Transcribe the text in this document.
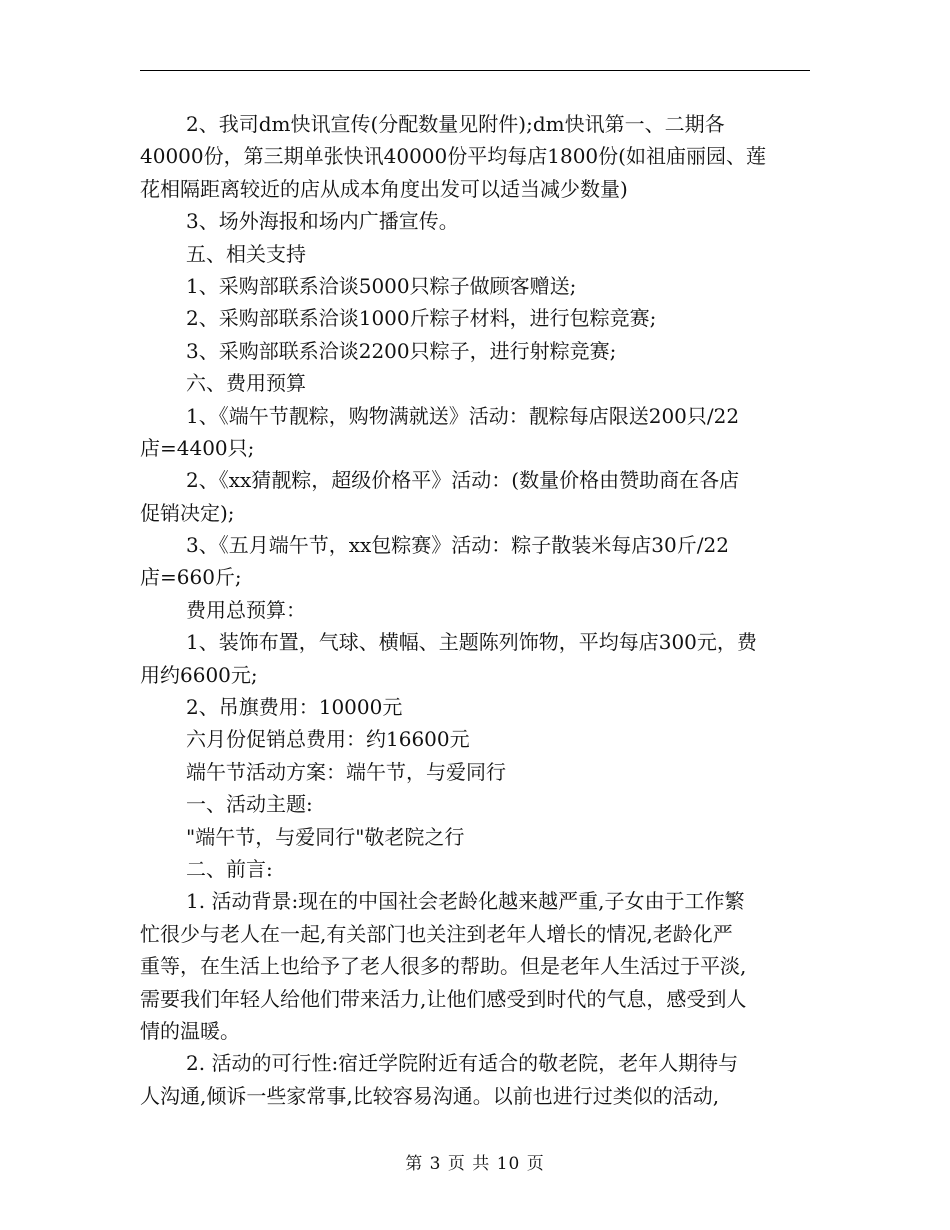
2、我司dm快讯宣传(分配数量见附件);dm快讯第一、二期各
40000份，第三期单张快讯40000份平均每店1800份(如祖庙丽园、莲
花相隔距离较近的店从成本角度出发可以适当减少数量)
3、场外海报和场内广播宣传。
五、相关支持
1、采购部联系洽谈5000只粽子做顾客赠送;
2、采购部联系洽谈1000斤粽子材料，进行包粽竞赛;
3、采购部联系洽谈2200只粽子，进行射粽竞赛;
六、费用预算
1、《端午节靓粽，购物满就送》活动：靓粽每店限送200只/22
店=4400只;
2、《xx猜靓粽，超级价格平》活动：(数量价格由赞助商在各店
促销决定);
3、《五月端午节，xx包粽赛》活动：粽子散装米每店30斤/22
店=660斤;
费用总预算：
1、装饰布置，气球、横幅、主题陈列饰物，平均每店300元，费
用约6600元;
2、吊旗费用：10000元
六月份促销总费用：约16600元
端午节活动方案：端午节，与爱同行
一、活动主题:
"端午节，与爱同行"敬老院之行
二、前言:
1. 活动背景:现在的中国社会老龄化越来越严重,子女由于工作繁
忙很少与老人在一起,有关部门也关注到老年人增长的情况,老龄化严
重等，在生活上也给予了老人很多的帮助。但是老年人生活过于平淡,
需要我们年轻人给他们带来活力,让他们感受到时代的气息，感受到人
情的温暖。
2. 活动的可行性:宿迁学院附近有适合的敬老院，老年人期待与
人沟通,倾诉一些家常事,比较容易沟通。以前也进行过类似的活动,
第 3 页 共 10 页
